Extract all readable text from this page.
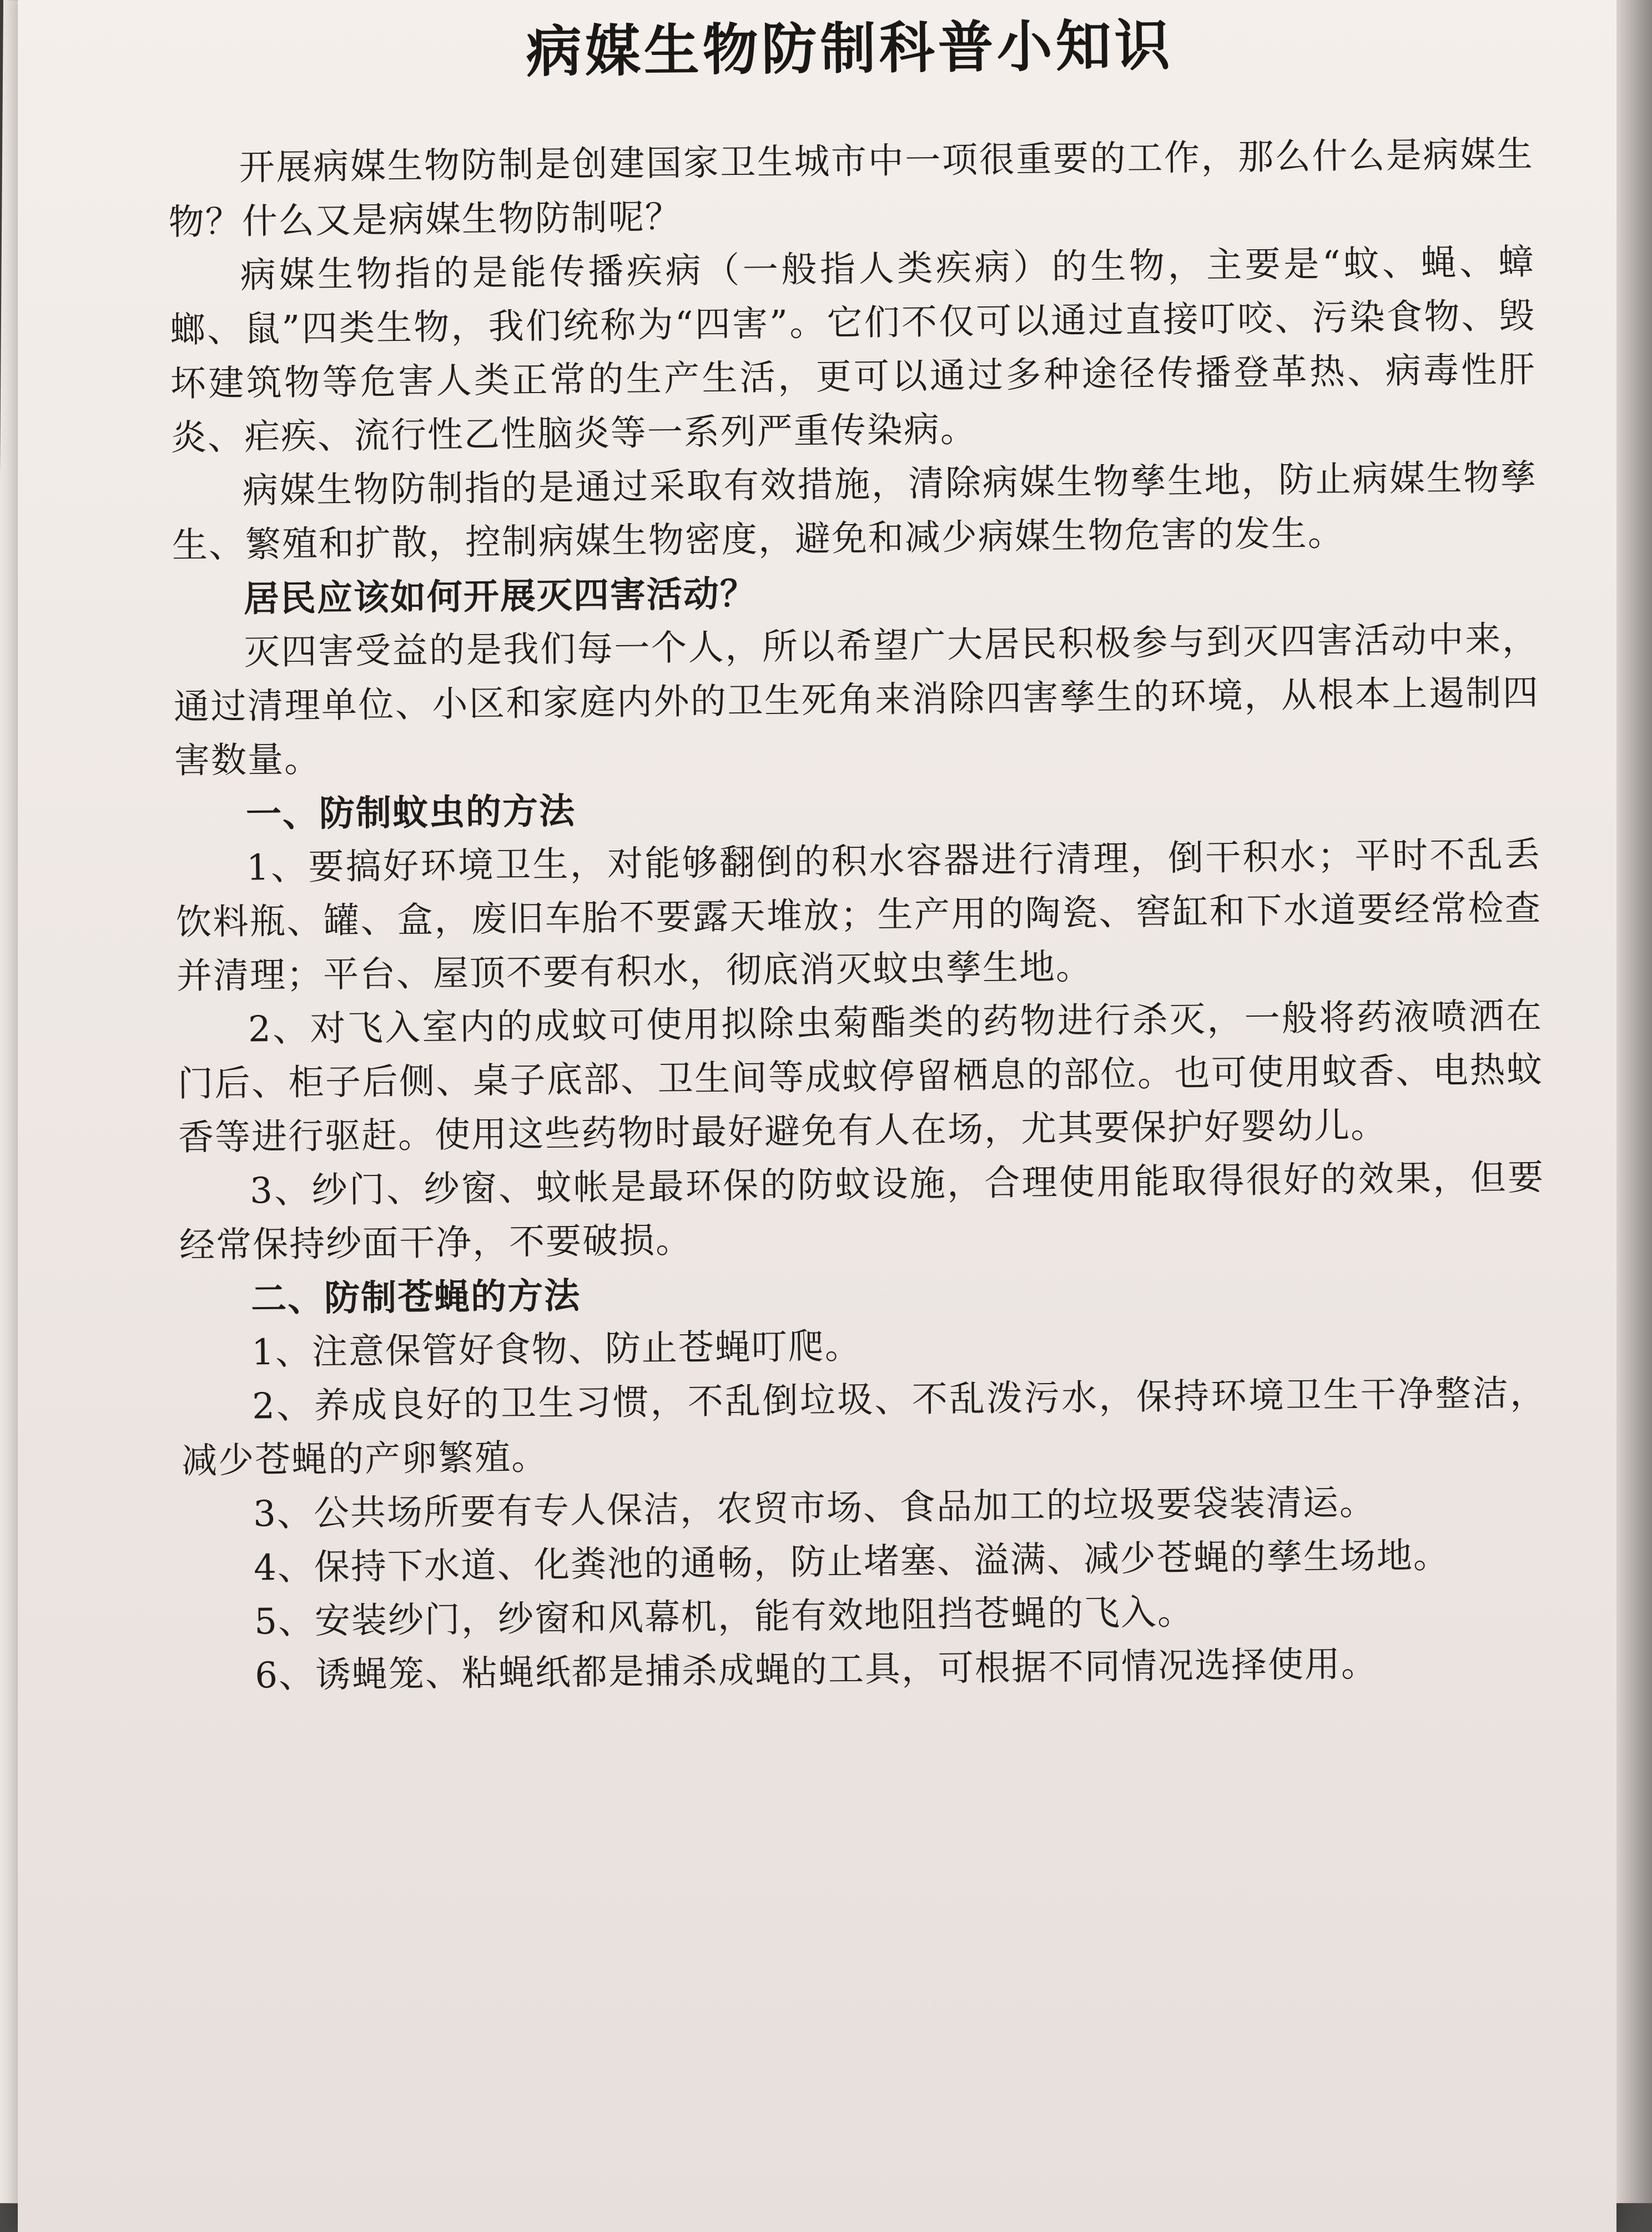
病媒生物防制科普小知识

开展病媒生物防制是创建国家卫生城市中一项很重要的工作，那么什么是病媒生物？什么又是病媒生物防制呢？

病媒生物指的是能传播疾病（一般指人类疾病）的生物，主要是“蚊、蝇、蟑螂、鼠”四类生物，我们统称为“四害”。它们不仅可以通过直接叮咬、污染食物、毁坏建筑物等危害人类正常的生产生活，更可以通过多种途径传播登革热、病毒性肝炎、疟疾、流行性乙性脑炎等一系列严重传染病。

病媒生物防制指的是通过采取有效措施，清除病媒生物孳生地，防止病媒生物孳生、繁殖和扩散，控制病媒生物密度，避免和减少病媒生物危害的发生。

居民应该如何开展灭四害活动？

灭四害受益的是我们每一个人，所以希望广大居民积极参与到灭四害活动中来，通过清理单位、小区和家庭内外的卫生死角来消除四害孳生的环境，从根本上遏制四害数量。

一、防制蚊虫的方法

1、要搞好环境卫生，对能够翻倒的积水容器进行清理，倒干积水；平时不乱丢饮料瓶、罐、盒，废旧车胎不要露天堆放；生产用的陶瓷、窖缸和下水道要经常检查并清理；平台、屋顶不要有积水，彻底消灭蚊虫孳生地。

2、对飞入室内的成蚊可使用拟除虫菊酯类的药物进行杀灭，一般将药液喷洒在门后、柜子后侧、桌子底部、卫生间等成蚊停留栖息的部位。也可使用蚊香、电热蚊香等进行驱赶。使用这些药物时最好避免有人在场，尤其要保护好婴幼儿。

3、纱门、纱窗、蚊帐是最环保的防蚊设施，合理使用能取得很好的效果，但要经常保持纱面干净，不要破损。

二、防制苍蝇的方法

1、注意保管好食物、防止苍蝇叮爬。

2、养成良好的卫生习惯，不乱倒垃圾、不乱泼污水，保持环境卫生干净整洁，减少苍蝇的产卵繁殖。

3、公共场所要有专人保洁，农贸市场、食品加工的垃圾要袋装清运。

4、保持下水道、化粪池的通畅，防止堵塞、溢满、减少苍蝇的孳生场地。

5、安装纱门，纱窗和风幕机，能有效地阻挡苍蝇的飞入。

6、诱蝇笼、粘蝇纸都是捕杀成蝇的工具，可根据不同情况选择使用。
